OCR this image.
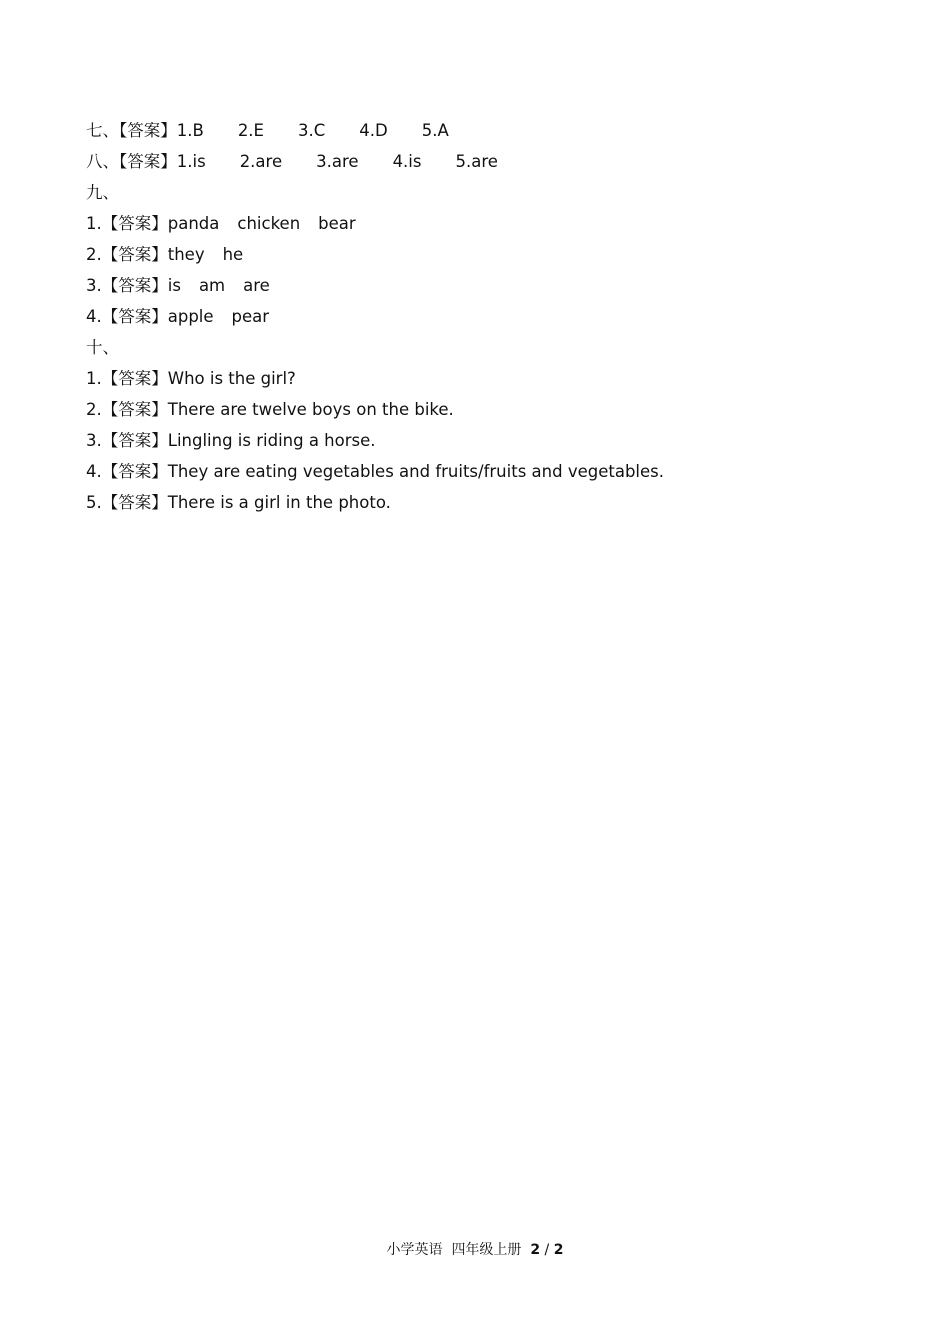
七、【答案】1.B 2.E 3.C 4.D 5.A
八、【答案】1.is 2.are 3.are 4.is 5.are
九、
1.【答案】panda chicken bear
2.【答案】they he
3.【答案】is am are
4.【答案】apple pear
十、
1.【答案】Who is the girl?
2.【答案】There are twelve boys on the bike.
3.【答案】Lingling is riding a horse.
4.【答案】They are eating vegetables and fruits/fruits and vegetables.
5.【答案】There is a girl in the photo.
小学英语 四年级上册 2 / 2
